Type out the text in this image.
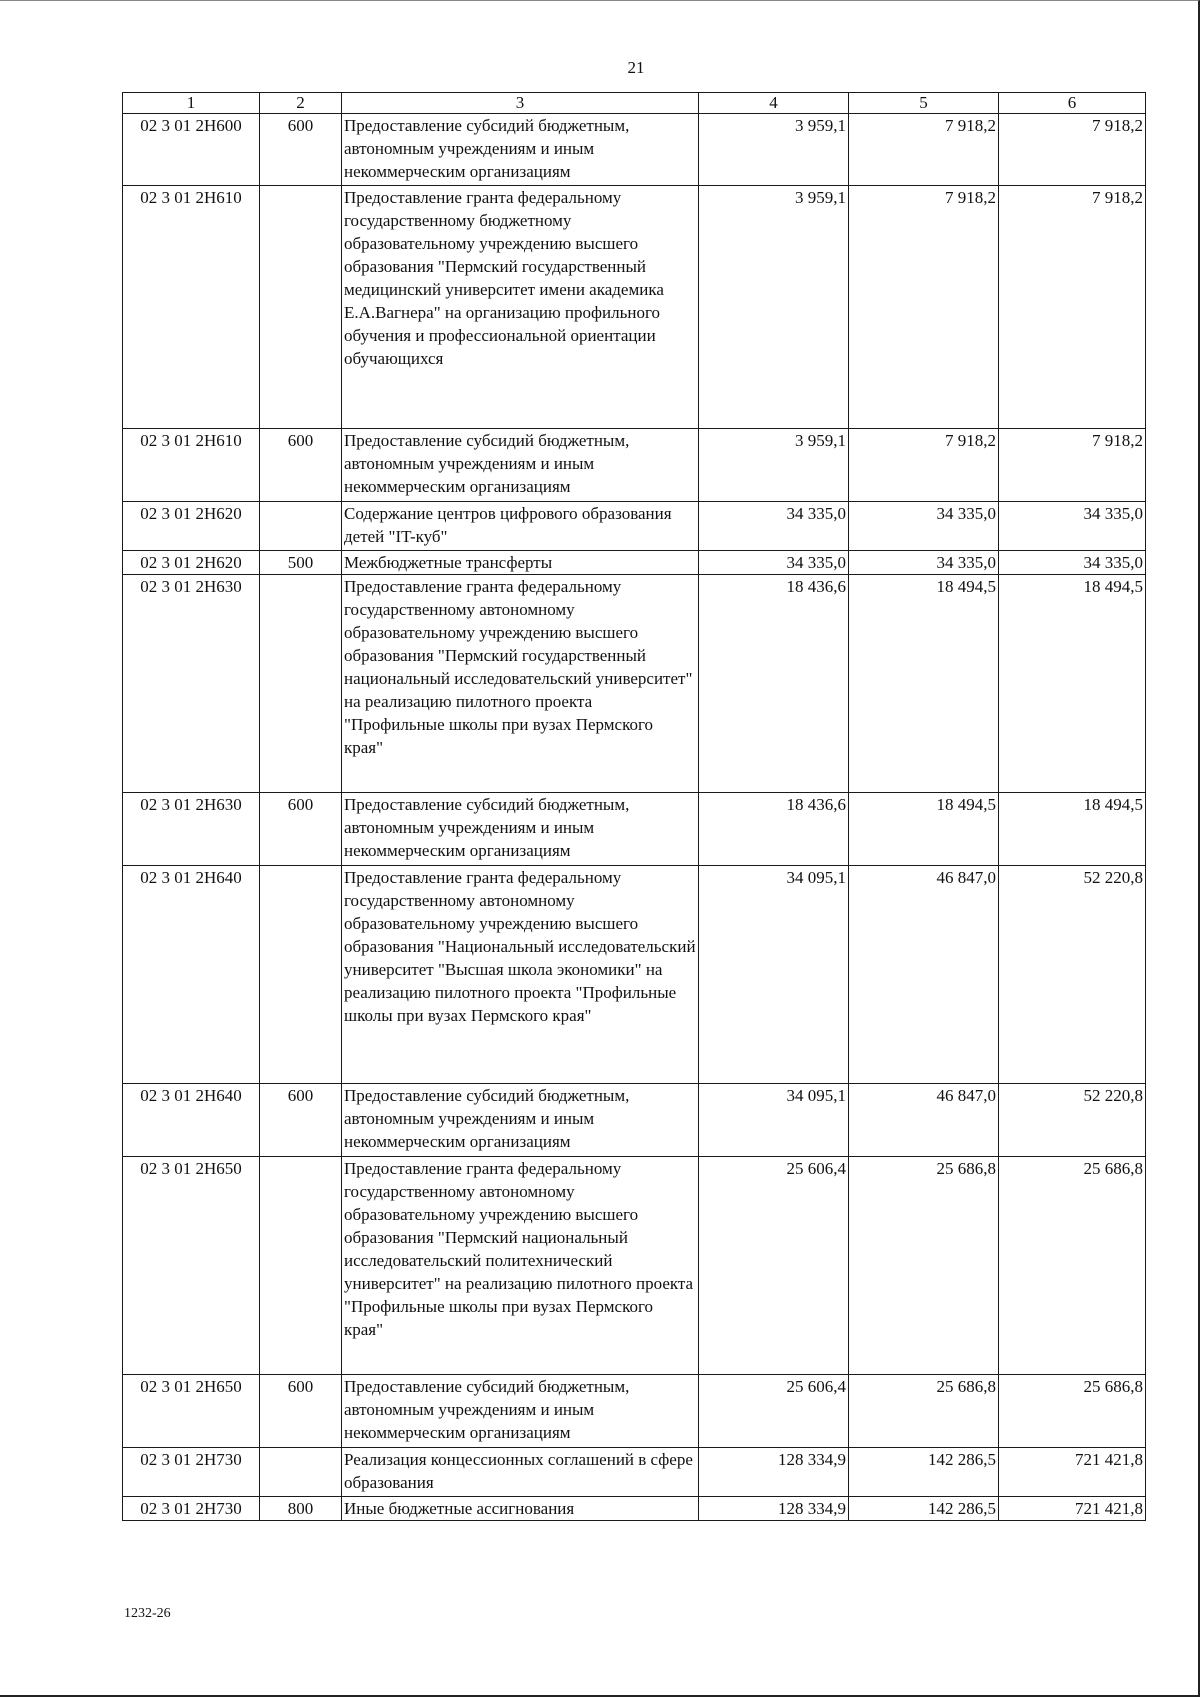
21
1	2	3	4	5	6
02 3 01 2Н600	600	Предоставление субсидий бюджетным, автономным учреждениям и иным некоммерческим организациям	3 959,1	7 918,2	7 918,2
02 3 01 2Н610		Предоставление гранта федеральному государственному бюджетному образовательному учреждению высшего образования "Пермский государственный медицинский университет имени академика Е.А.Вагнера" на организацию профильного обучения и профессиональной ориентации обучающихся	3 959,1	7 918,2	7 918,2
02 3 01 2Н610	600	Предоставление субсидий бюджетным, автономным учреждениям и иным некоммерческим организациям	3 959,1	7 918,2	7 918,2
02 3 01 2Н620		Содержание центров цифрового образования детей "IT-куб"	34 335,0	34 335,0	34 335,0
02 3 01 2Н620	500	Межбюджетные трансферты	34 335,0	34 335,0	34 335,0
02 3 01 2Н630		Предоставление гранта федеральному государственному автономному образовательному учреждению высшего образования "Пермский государственный национальный исследовательский университет" на реализацию пилотного проекта "Профильные школы при вузах Пермского края"	18 436,6	18 494,5	18 494,5
02 3 01 2Н630	600	Предоставление субсидий бюджетным, автономным учреждениям и иным некоммерческим организациям	18 436,6	18 494,5	18 494,5
02 3 01 2Н640		Предоставление гранта федеральному государственному автономному образовательному учреждению высшего образования "Национальный исследовательский университет "Высшая школа экономики" на реализацию пилотного проекта "Профильные школы при вузах Пермского края"	34 095,1	46 847,0	52 220,8
02 3 01 2Н640	600	Предоставление субсидий бюджетным, автономным учреждениям и иным некоммерческим организациям	34 095,1	46 847,0	52 220,8
02 3 01 2Н650		Предоставление гранта федеральному государственному автономному образовательному учреждению высшего образования "Пермский национальный исследовательский политехнический университет" на реализацию пилотного проекта "Профильные школы при вузах Пермского края"	25 606,4	25 686,8	25 686,8
02 3 01 2Н650	600	Предоставление субсидий бюджетным, автономным учреждениям и иным некоммерческим организациям	25 606,4	25 686,8	25 686,8
02 3 01 2Н730		Реализация концессионных соглашений в сфере образования	128 334,9	142 286,5	721 421,8
02 3 01 2Н730	800	Иные бюджетные ассигнования	128 334,9	142 286,5	721 421,8
1232-26
